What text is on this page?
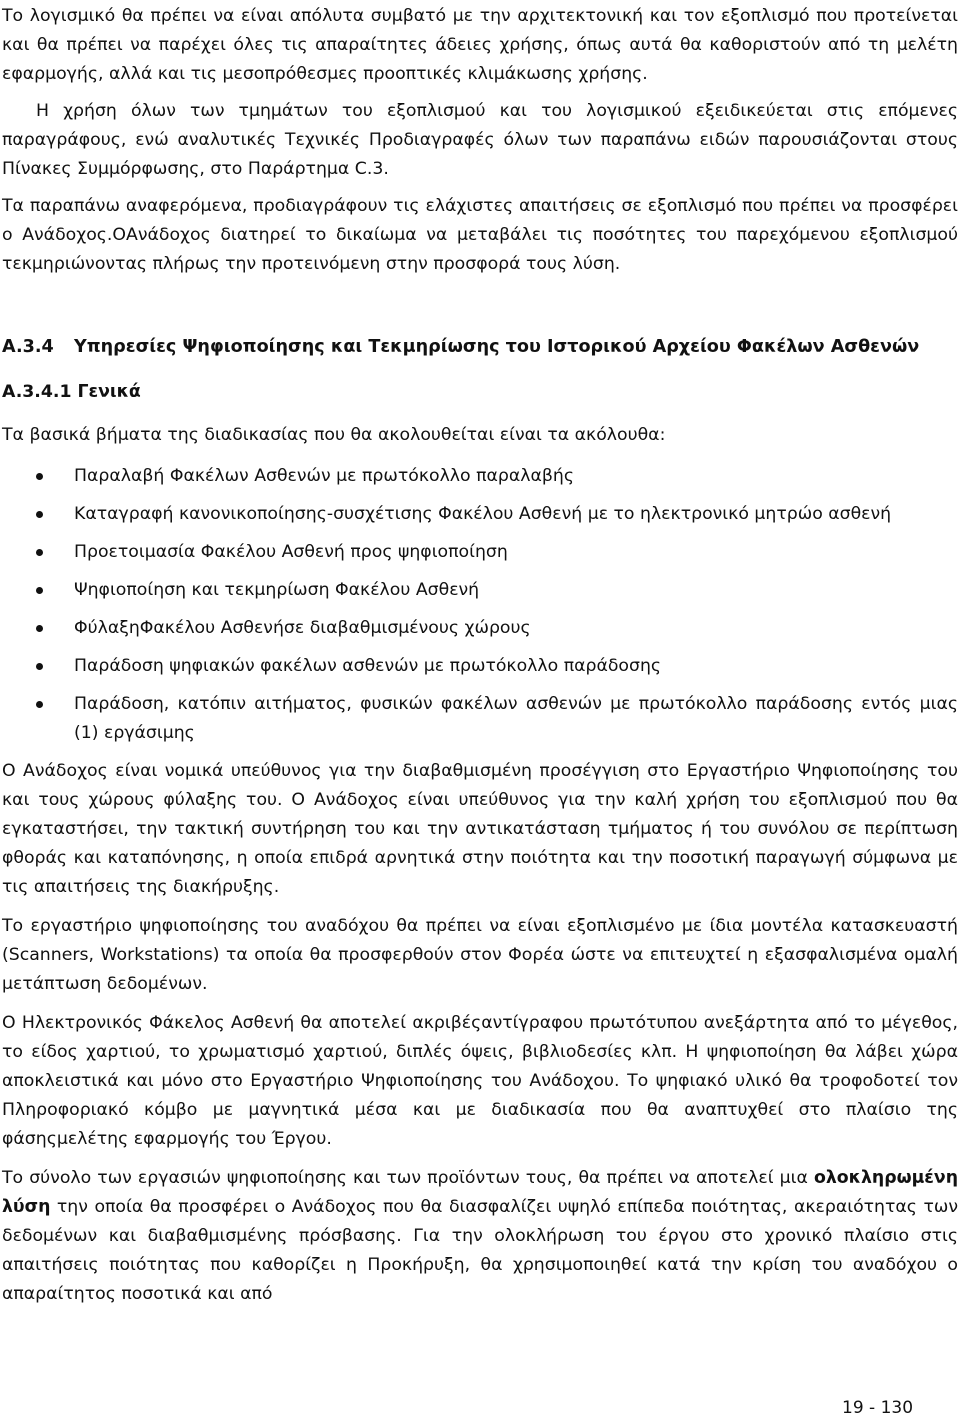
Το λογισμικό θα πρέπει να είναι απόλυτα συμβατό με την αρχιτεκτονική και τον εξοπλισμό που προτείνεται και θα πρέπει να παρέχει όλες τις απαραίτητες άδειες χρήσης, όπως αυτά θα καθοριστούν από τη μελέτη εφαρμογής, αλλά και τις μεσοπρόθεσμες προοπτικές κλιμάκωσης χρήσης.

Η χρήση όλων των τμημάτων του εξοπλισμού και του λογισμικού εξειδικεύεται στις επόμενες παραγράφους, ενώ αναλυτικές Τεχνικές Προδιαγραφές όλων των παραπάνω ειδών παρουσιάζονται στους Πίνακες Συμμόρφωσης, στο Παράρτημα C.3.

Τα παραπάνω αναφερόμενα, προδιαγράφουν τις ελάχιστες απαιτήσεις σε εξοπλισμό που πρέπει να προσφέρει ο Ανάδοχος.ΟΑνάδοχος διατηρεί το δικαίωμα να μεταβάλει τις ποσότητες του παρεχόμενου εξοπλισμού τεκμηριώνοντας πλήρως την προτεινόμενη στην προσφορά τους λύση.

A.3.4	Υπηρεσίες Ψηφιοποίησης και Τεκμηρίωσης του Ιστορικού Αρχείου Φακέλων Ασθενών
A.3.4.1 Γενικά

Τα βασικά βήματα της διαδικασίας που θα ακολουθείται είναι τα ακόλουθα:

Παραλαβή Φακέλων Ασθενών με πρωτόκολλο παραλαβής
Καταγραφή κανονικοποίησης-συσχέτισης Φακέλου Ασθενή με το ηλεκτρονικό μητρώο ασθενή
Προετοιμασία Φακέλου Ασθενή προς ψηφιοποίηση
Ψηφιοποίηση και τεκμηρίωση Φακέλου Ασθενή
ΦύλαξηΦακέλου Ασθενήσε διαβαθμισμένους χώρους
Παράδοση ψηφιακών φακέλων ασθενών με πρωτόκολλο παράδοσης
Παράδοση, κατόπιν αιτήματος, φυσικών φακέλων ασθενών με πρωτόκολλο παράδοσης εντός μιας (1) εργάσιμης

Ο Ανάδοχος είναι νομικά υπεύθυνος για την διαβαθμισμένη προσέγγιση στο Εργαστήριο Ψηφιοποίησης του και τους χώρους φύλαξης του. Ο Ανάδοχος είναι υπεύθυνος για την καλή χρήση του εξοπλισμού που θα εγκαταστήσει, την τακτική συντήρηση του και την αντικατάσταση τμήματος ή του συνόλου σε περίπτωση φθοράς και καταπόνησης, η οποία επιδρά αρνητικά στην ποιότητα και την ποσοτική παραγωγή σύμφωνα με τις απαιτήσεις της διακήρυξης.

Το εργαστήριο ψηφιοποίησης του αναδόχου θα πρέπει να είναι εξοπλισμένο με ίδια μοντέλα κατασκευαστή (Scanners, Workstations) τα οποία θα προσφερθούν στον Φορέα ώστε να επιτευχτεί η εξασφαλισμένα ομαλή μετάπτωση δεδομένων.

Ο Ηλεκτρονικός Φάκελος Ασθενή θα αποτελεί ακριβέςαντίγραφου πρωτότυπου ανεξάρτητα από το μέγεθος, το είδος χαρτιού, το χρωματισμό χαρτιού, διπλές όψεις, βιβλιοδεσίες κλπ. Η ψηφιοποίηση θα λάβει χώρα αποκλειστικά και μόνο στο Εργαστήριο Ψηφιοποίησης του Ανάδοχου. Το ψηφιακό υλικό θα τροφοδοτεί τον Πληροφοριακό κόμβο με μαγνητικά μέσα και με διαδικασία που θα αναπτυχθεί στο πλαίσιο της φάσηςμελέτης εφαρμογής του Έργου.

Το σύνολο των εργασιών ψηφιοποίησης και των προϊόντων τους, θα πρέπει να αποτελεί μια ολοκληρωμένη λύση την οποία θα προσφέρει ο Ανάδοχος που θα διασφαλίζει υψηλό επίπεδα ποιότητας, ακεραιότητας των δεδομένων και διαβαθμισμένης πρόσβασης. Για την ολοκλήρωση του έργου στο χρονικό πλαίσιο στις απαιτήσεις ποιότητας που καθορίζει η Προκήρυξη, θα χρησιμοποιηθεί κατά την κρίση του αναδόχου ο απαραίτητος ποσοτικά και από

19 - 130
